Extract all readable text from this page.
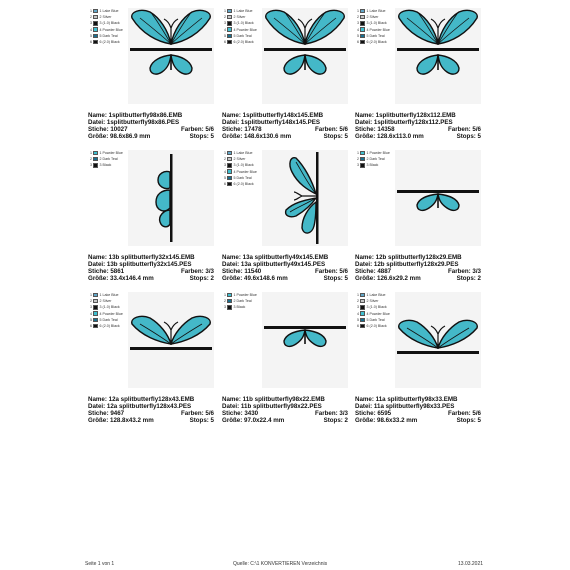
1 1 Lake Blue
2 2 Silver
3 3 (1.0) Black
4 4 Powder Blue
5 5 Dark Teal
6 6 (2.0) Black
Name: 1splitbutterfly98x86.EMB
Datei: 1splitbutterfly98x86.PES
Stiche: 10027	Farben: 5/6
Größe: 98.6x86.9 mm	Stops: 5
1 1 Lake Blue
2 2 Silver
3 3 (1.0) Black
4 4 Powder Blue
5 5 Dark Teal
6 6 (2.0) Black
Name: 1splitbutterfly148x145.EMB
Datei: 1splitbutterfly148x145.PES
Stiche: 17478	Farben: 5/6
Größe: 148.6x130.6 mm	Stops: 5
1 1 Lake Blue
2 2 Silver
3 3 (1.0) Black
4 4 Powder Blue
5 5 Dark Teal
6 6 (2.0) Black
Name: 1splitbutterfly128x112.EMB
Datei: 1splitbutterfly128x112.PES
Stiche: 14358	Farben: 5/6
Größe: 128.6x113.0 mm	Stops: 5
1 1 Powder Blue
2 2 Dark Teal
3 3 Black
Name: 13b splitbutterfly32x145.EMB
Datei: 13b splitbutterfly32x145.PES
Stiche: 5861	Farben: 3/3
Größe: 33.4x146.4 mm	Stops: 2
1 1 Lake Blue
2 2 Silver
3 3 (1.0) Black
4 4 Powder Blue
5 5 Dark Teal
6 6 (2.0) Black
Name: 13a splitbutterfly49x145.EMB
Datei: 13a splitbutterfly49x145.PES
Stiche: 11540	Farben: 5/6
Größe: 49.6x148.6 mm	Stops: 5
1 1 Powder Blue
2 2 Dark Teal
3 3 Black
Name: 12b splitbutterfly128x29.EMB
Datei: 12b splitbutterfly128x29.PES
Stiche: 4887	Farben: 3/3
Größe: 126.6x29.2 mm	Stops: 2
1 1 Lake Blue
2 2 Silver
3 3 (1.0) Black
4 4 Powder Blue
5 5 Dark Teal
6 6 (2.0) Black
Name: 12a splitbutterfly128x43.EMB
Datei: 12a splitbutterfly128x43.PES
Stiche: 9467	Farben: 5/6
Größe: 128.8x43.2 mm	Stops: 5
1 1 Powder Blue
2 2 Dark Teal
3 3 Black
Name: 11b splitbutterfly98x22.EMB
Datei: 11b splitbutterfly98x22.PES
Stiche: 3430	Farben: 3/3
Größe: 97.0x22.4 mm	Stops: 2
1 1 Lake Blue
2 2 Silver
3 3 (1.0) Black
4 4 Powder Blue
5 5 Dark Teal
6 6 (2.0) Black
Name: 11a splitbutterfly98x33.EMB
Datei: 11a splitbutterfly98x33.PES
Stiche: 6595	Farben: 5/6
Größe: 98.6x33.2 mm	Stops: 5
Seite 1 von 1	Quelle: C:\1 KONVERTIEREN Verzeichnis	13.03.2021
